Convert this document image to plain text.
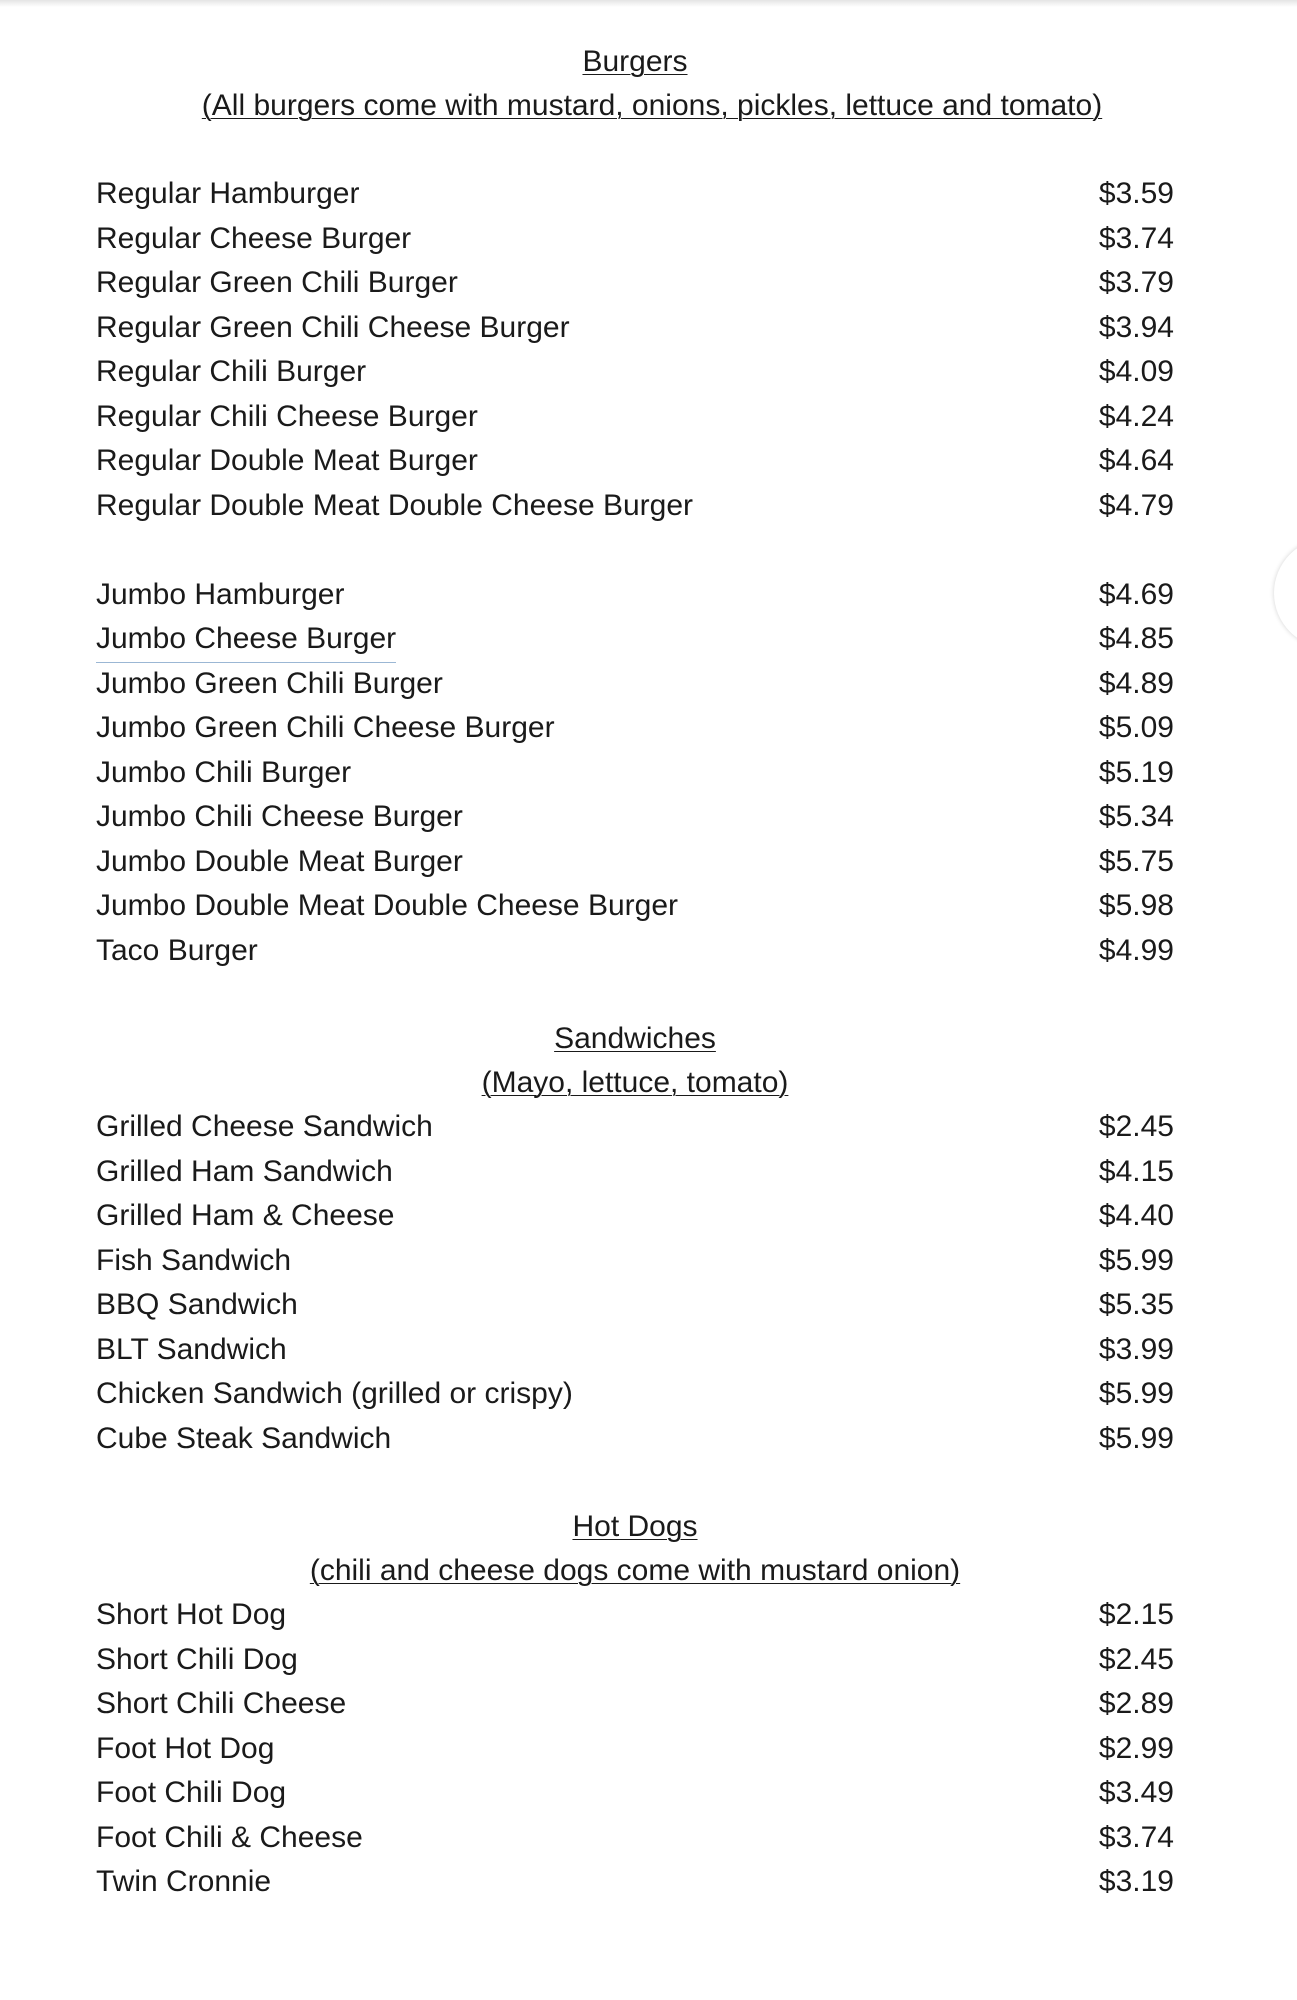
Burgers
(All burgers come with mustard, onions, pickles, lettuce and tomato)
Regular Hamburger	$3.59
Regular Cheese Burger	$3.74
Regular Green Chili Burger	$3.79
Regular Green Chili Cheese Burger	$3.94
Regular Chili Burger	$4.09
Regular Chili Cheese Burger	$4.24
Regular Double Meat Burger	$4.64
Regular Double Meat Double Cheese Burger	$4.79
Jumbo Hamburger	$4.69
Jumbo Cheese Burger	$4.85
Jumbo Green Chili Burger	$4.89
Jumbo Green Chili Cheese Burger	$5.09
Jumbo Chili Burger	$5.19
Jumbo Chili Cheese Burger	$5.34
Jumbo Double Meat Burger	$5.75
Jumbo Double Meat Double Cheese Burger	$5.98
Taco Burger	$4.99
Sandwiches
(Mayo, lettuce, tomato)
Grilled Cheese Sandwich	$2.45
Grilled Ham Sandwich	$4.15
Grilled Ham & Cheese	$4.40
Fish Sandwich	$5.99
BBQ Sandwich	$5.35
BLT Sandwich	$3.99
Chicken Sandwich (grilled or crispy)	$5.99
Cube Steak Sandwich	$5.99
Hot Dogs
(chili and cheese dogs come with mustard onion)
Short Hot Dog	$2.15
Short Chili Dog	$2.45
Short Chili Cheese	$2.89
Foot Hot Dog	$2.99
Foot Chili Dog	$3.49
Foot Chili & Cheese	$3.74
Twin Cronnie	$3.19
